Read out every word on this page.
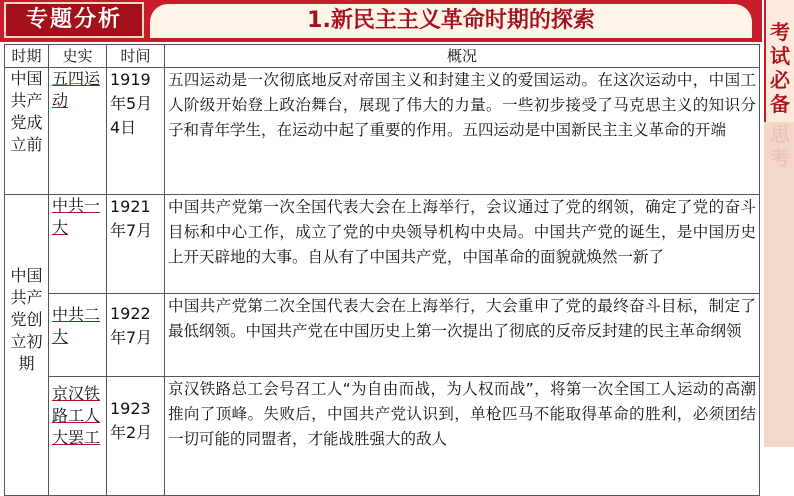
专题分析	1.新民主主义革命时期的探索	考试必备
思考
时期	史实	时间	概况
中国共产党成立前	五四运动	1919年5月4日	五四运动是一次彻底地反对帝国主义和封建主义的爱国运动。在这次运动中，中国工人阶级开始登上政治舞台，展现了伟大的力量。一些初步接受了马克思主义的知识分子和青年学生，在运动中起了重要的作用。五四运动是中国新民主主义革命的开端
中国共产党创立初期	中共一大	1921年7月	中国共产党第一次全国代表大会在上海举行，会议通过了党的纲领，确定了党的奋斗目标和中心工作，成立了党的中央领导机构中央局。中国共产党的诞生，是中国历史上开天辟地的大事。自从有了中国共产党，中国革命的面貌就焕然一新了
	中共二大	1922年7月	中国共产党第二次全国代表大会在上海举行，大会重申了党的最终奋斗目标，制定了最低纲领。中国共产党在中国历史上第一次提出了彻底的反帝反封建的民主革命纲领
	京汉铁路工人大罢工	1923年2月	京汉铁路总工会号召工人“为自由而战，为人权而战”，将第一次全国工人运动的高潮推向了顶峰。失败后，中国共产党认识到，单枪匹马不能取得革命的胜利，必须团结一切可能的同盟者，才能战胜强大的敌人
